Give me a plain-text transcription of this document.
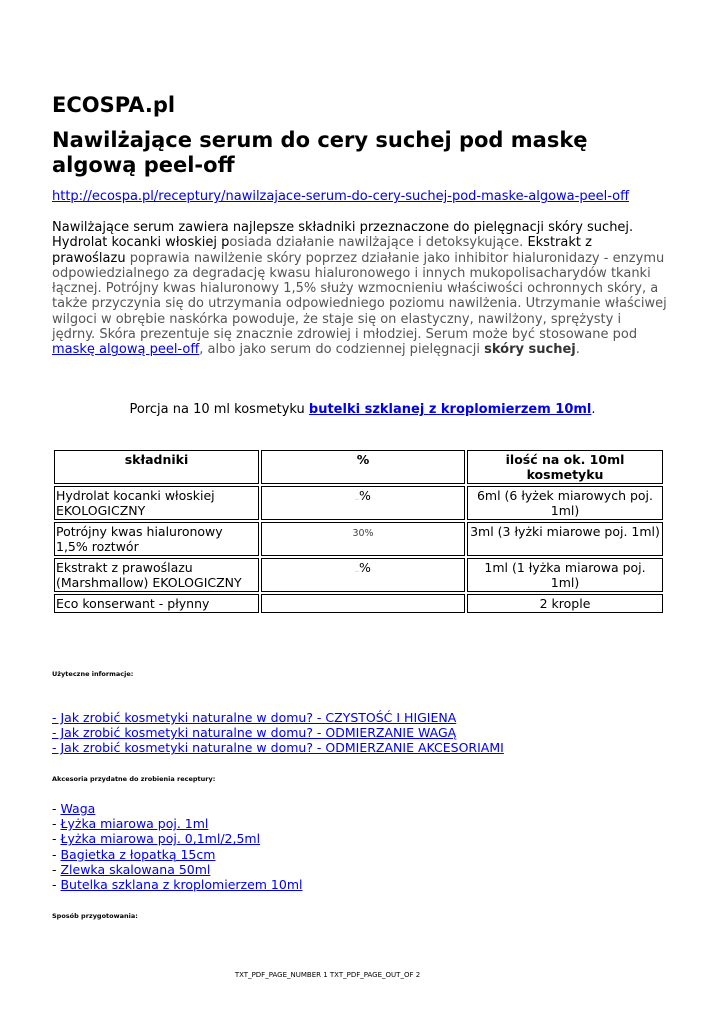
ECOSPA.pl
Nawilżające serum do cery suchej pod maskę algową peel-off
http://ecospa.pl/receptury/nawilzajace-serum-do-cery-suchej-pod-maske-algowa-peel-off
Nawilżające serum zawiera najlepsze składniki przeznaczone do pielęgnacji skóry suchej. Hydrolat kocanki włoskiej posiada działanie nawilżające i detoksykujące. Ekstrakt z prawoślazu poprawia nawilżenie skóry poprzez działanie jako inhibitor hialuronidazy - enzymu odpowiedzialnego za degradację kwasu hialuronowego i innych mukopolisacharydów tkanki łącznej. Potrójny kwas hialuronowy 1,5% służy wzmocnieniu właściwości ochronnych skóry, a także przyczynia się do utrzymania odpowiedniego poziomu nawilżenia. Utrzymanie właściwej wilgoci w obrębie naskórka powoduje, że staje się on elastyczny, nawilżony, sprężysty i jędrny. Skóra prezentuje się znacznie zdrowiej i młodziej. Serum może być stosowane pod maskę algową peel-off, albo jako serum do codziennej pielęgnacji skóry suchej.
Porcja na 10 ml kosmetyku butelki szklanej z kroplomierzem 10ml.
składniki	%	ilość na ok. 10ml kosmetyku
Hydrolat kocanki włoskiej EKOLOGICZNY	..%	6ml (6 łyżek miarowych poj. 1ml)
Potrójny kwas hialuronowy 1,5% roztwór	30%	3ml (3 łyżki miarowe poj. 1ml)
Ekstrakt z prawoślazu (Marshmallow) EKOLOGICZNY	..%	1ml (1 łyżka miarowa poj. 1ml)
Eco konserwant - płynny		2 krople
Użyteczne informacje:
- Jak zrobić kosmetyki naturalne w domu? - CZYSTOŚĆ I HIGIENA
- Jak zrobić kosmetyki naturalne w domu? - ODMIERZANIE WAGĄ
- Jak zrobić kosmetyki naturalne w domu? - ODMIERZANIE AKCESORIAMI
Akcesoria przydatne do zrobienia receptury:
- Waga
- Łyżka miarowa poj. 1ml
- Łyżka miarowa poj. 0,1ml/2,5ml
- Bagietka z łopatką 15cm
- Zlewka skalowana 50ml
- Butelka szklana z kroplomierzem 10ml
Sposób przygotowania:
TXT_PDF_PAGE_NUMBER 1 TXT_PDF_PAGE_OUT_OF 2
